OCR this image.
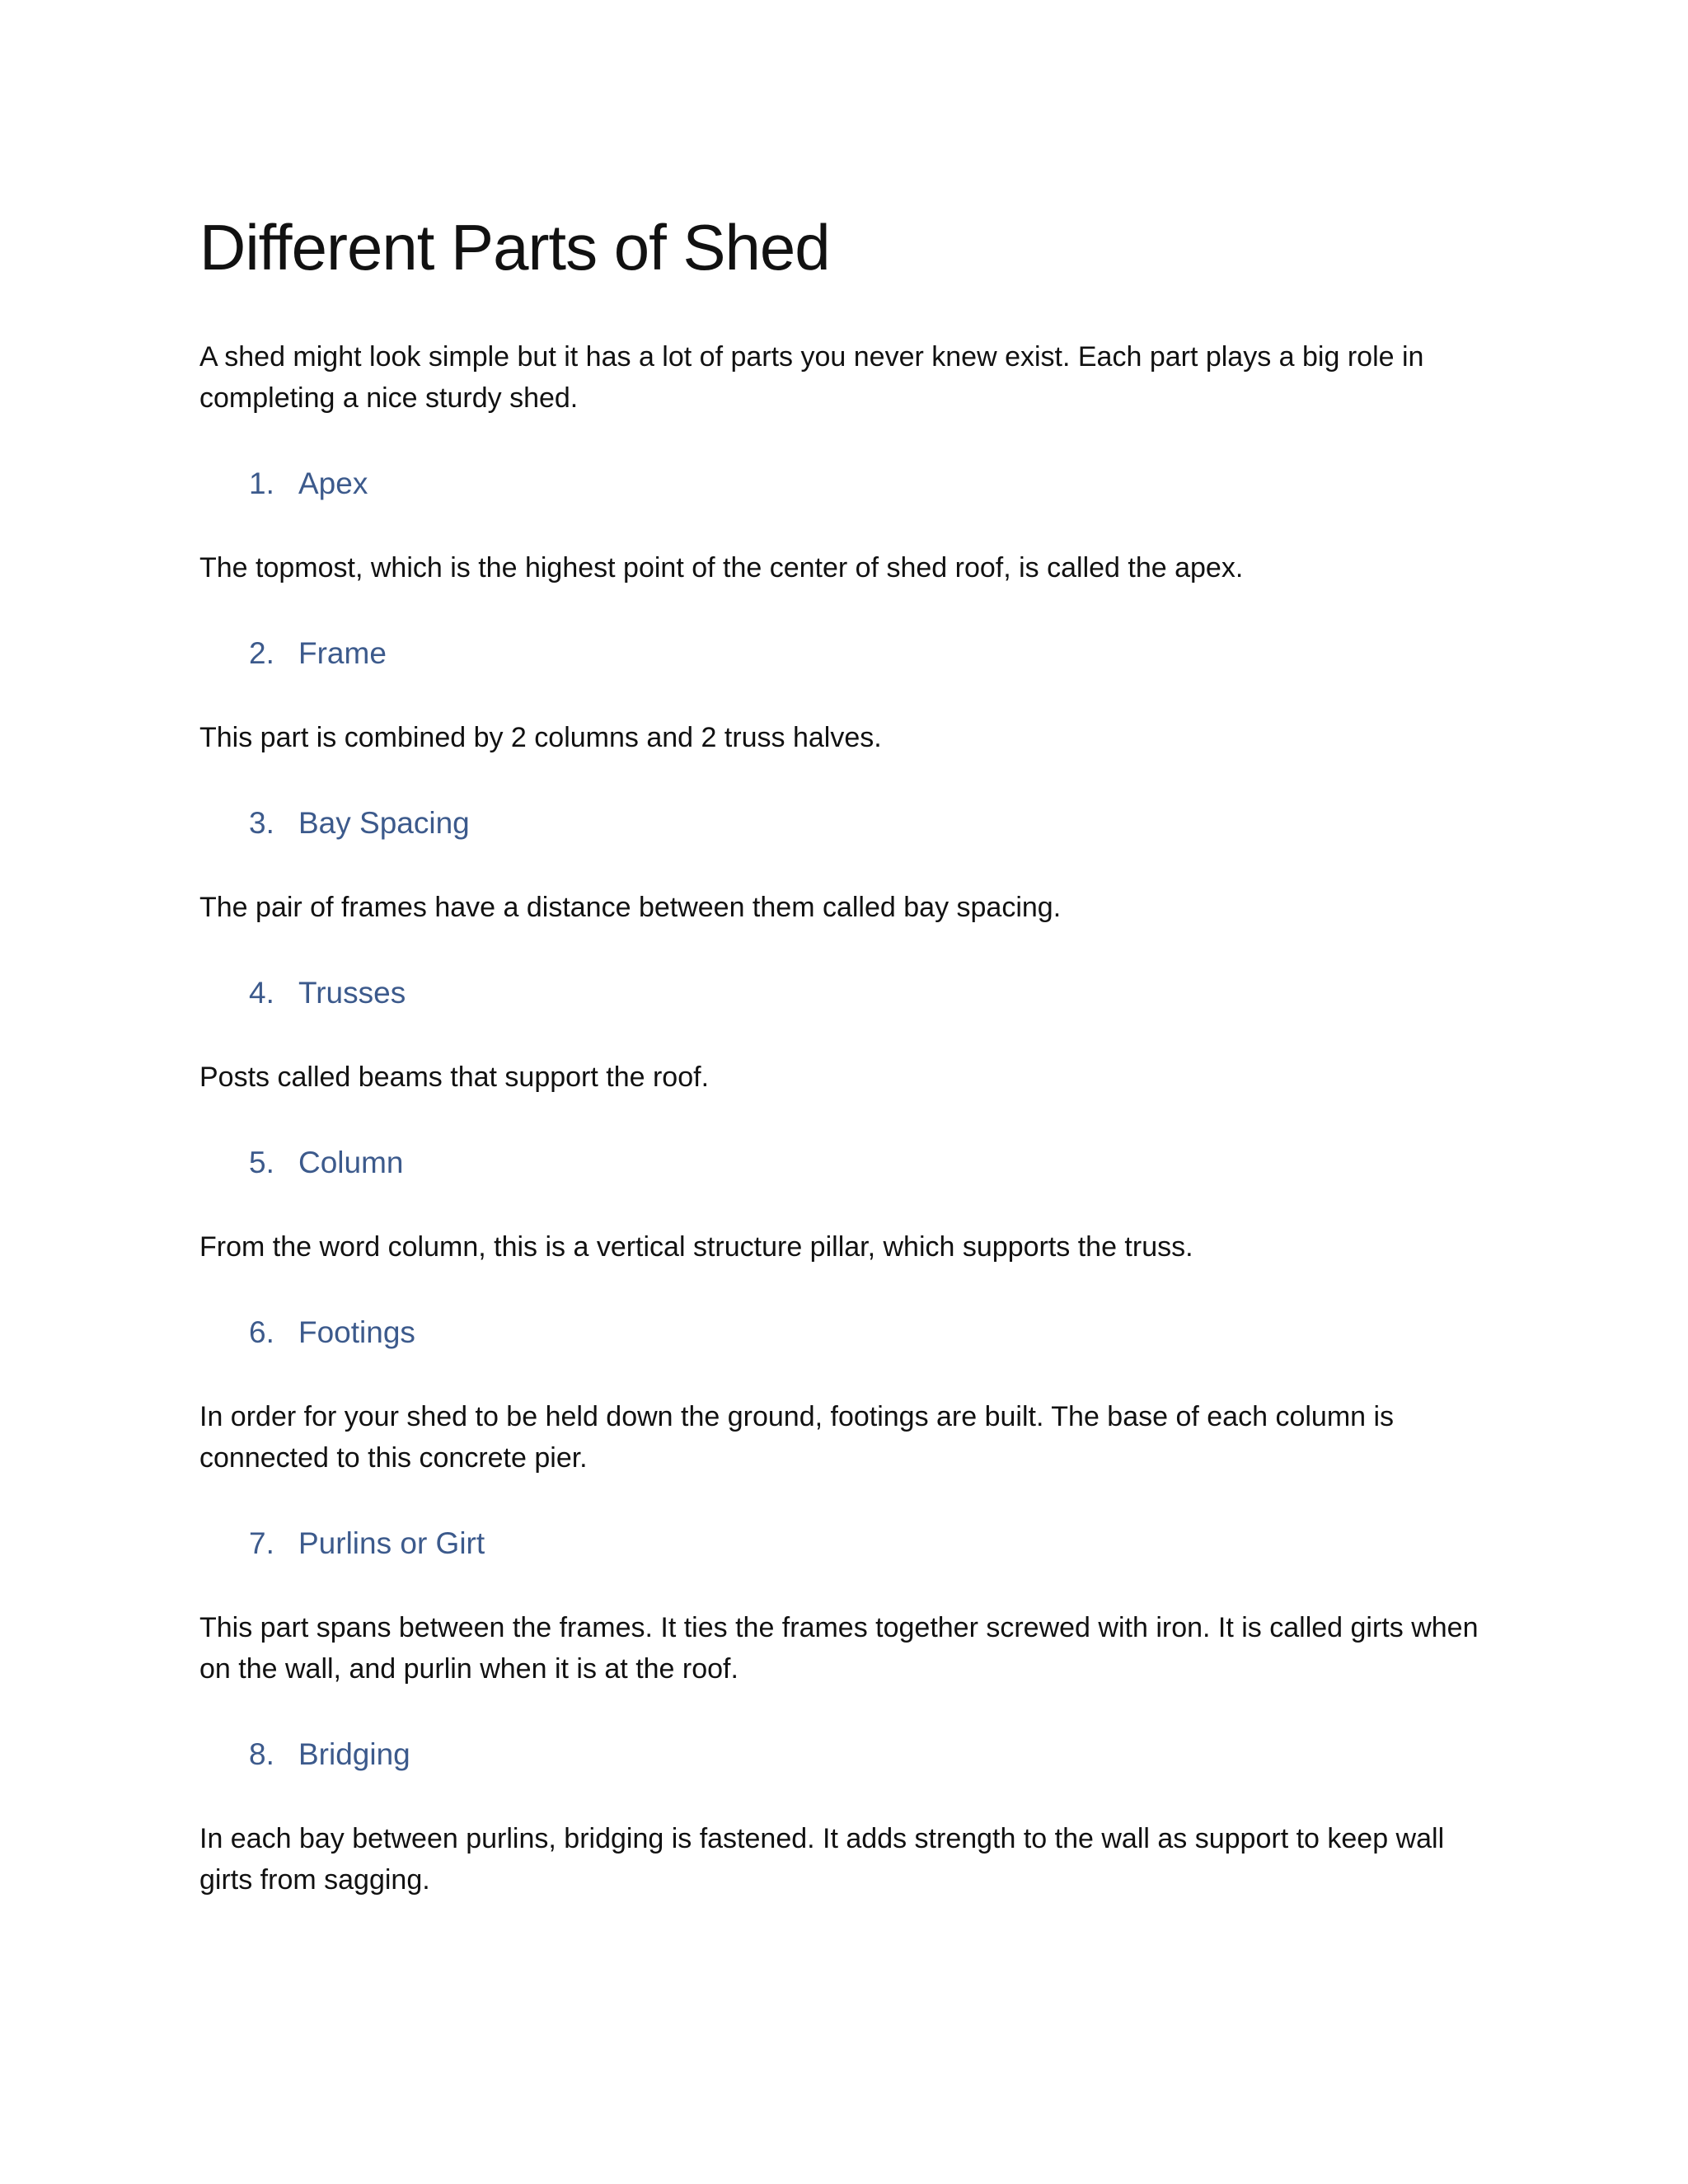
Different Parts of Shed
A shed might look simple but it has a lot of parts you never knew exist. Each part plays a big role in completing a nice sturdy shed.
1. Apex
The topmost, which is the highest point of the center of shed roof, is called the apex.
2. Frame
This part is combined by 2 columns and 2 truss halves.
3. Bay Spacing
The pair of frames have a distance between them called bay spacing.
4. Trusses
Posts called beams that support the roof.
5. Column
From the word column, this is a vertical structure pillar, which supports the truss.
6. Footings
In order for your shed to be held down the ground, footings are built. The base of each column is connected to this concrete pier.
7. Purlins or Girt
This part spans between the frames. It ties the frames together screwed with iron. It is called girts when on the wall, and purlin when it is at the roof.
8. Bridging
In each bay between purlins, bridging is fastened. It adds strength to the wall as support to keep wall girts from sagging.
